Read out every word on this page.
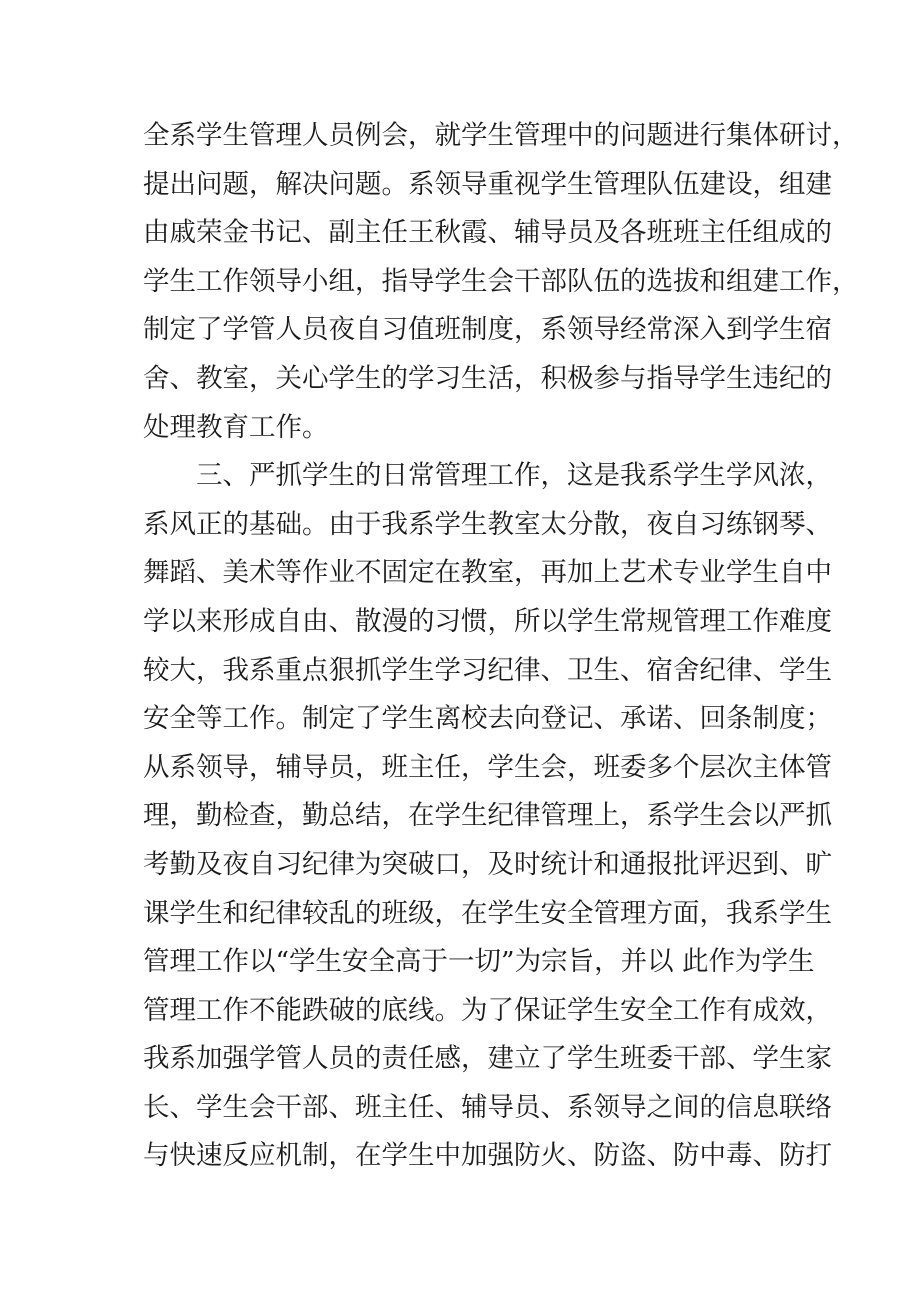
全系学生管理人员例会，就学生管理中的问题进行集体研讨，
提出问题，解决问题。系领导重视学生管理队伍建设，组建
由戚荣金书记、副主任王秋霞、辅导员及各班班主任组成的
学生工作领导小组，指导学生会干部队伍的选拔和组建工作，
制定了学管人员夜自习值班制度，系领导经常深入到学生宿
舍、教室，关心学生的学习生活，积极参与指导学生违纪的
处理教育工作。
三、严抓学生的日常管理工作，这是我系学生学风浓，
系风正的基础。由于我系学生教室太分散，夜自习练钢琴、
舞蹈、美术等作业不固定在教室，再加上艺术专业学生自中
学以来形成自由、散漫的习惯，所以学生常规管理工作难度
较大，我系重点狠抓学生学习纪律、卫生、宿舍纪律、学生
安全等工作。制定了学生离校去向登记、承诺、回条制度；
从系领导，辅导员，班主任，学生会，班委多个层次主体管
理，勤检查，勤总结，在学生纪律管理上，系学生会以严抓
考勤及夜自习纪律为突破口，及时统计和通报批评迟到、旷
课学生和纪律较乱的班级，在学生安全管理方面，我系学生
管理工作以“学生安全高于一切”为宗旨，并以 此作为学生
管理工作不能跌破的底线。为了保证学生安全工作有成效，
我系加强学管人员的责任感，建立了学生班委干部、学生家
长、学生会干部、班主任、辅导员、系领导之间的信息联络
与快速反应机制，在学生中加强防火、防盗、防中毒、防打
